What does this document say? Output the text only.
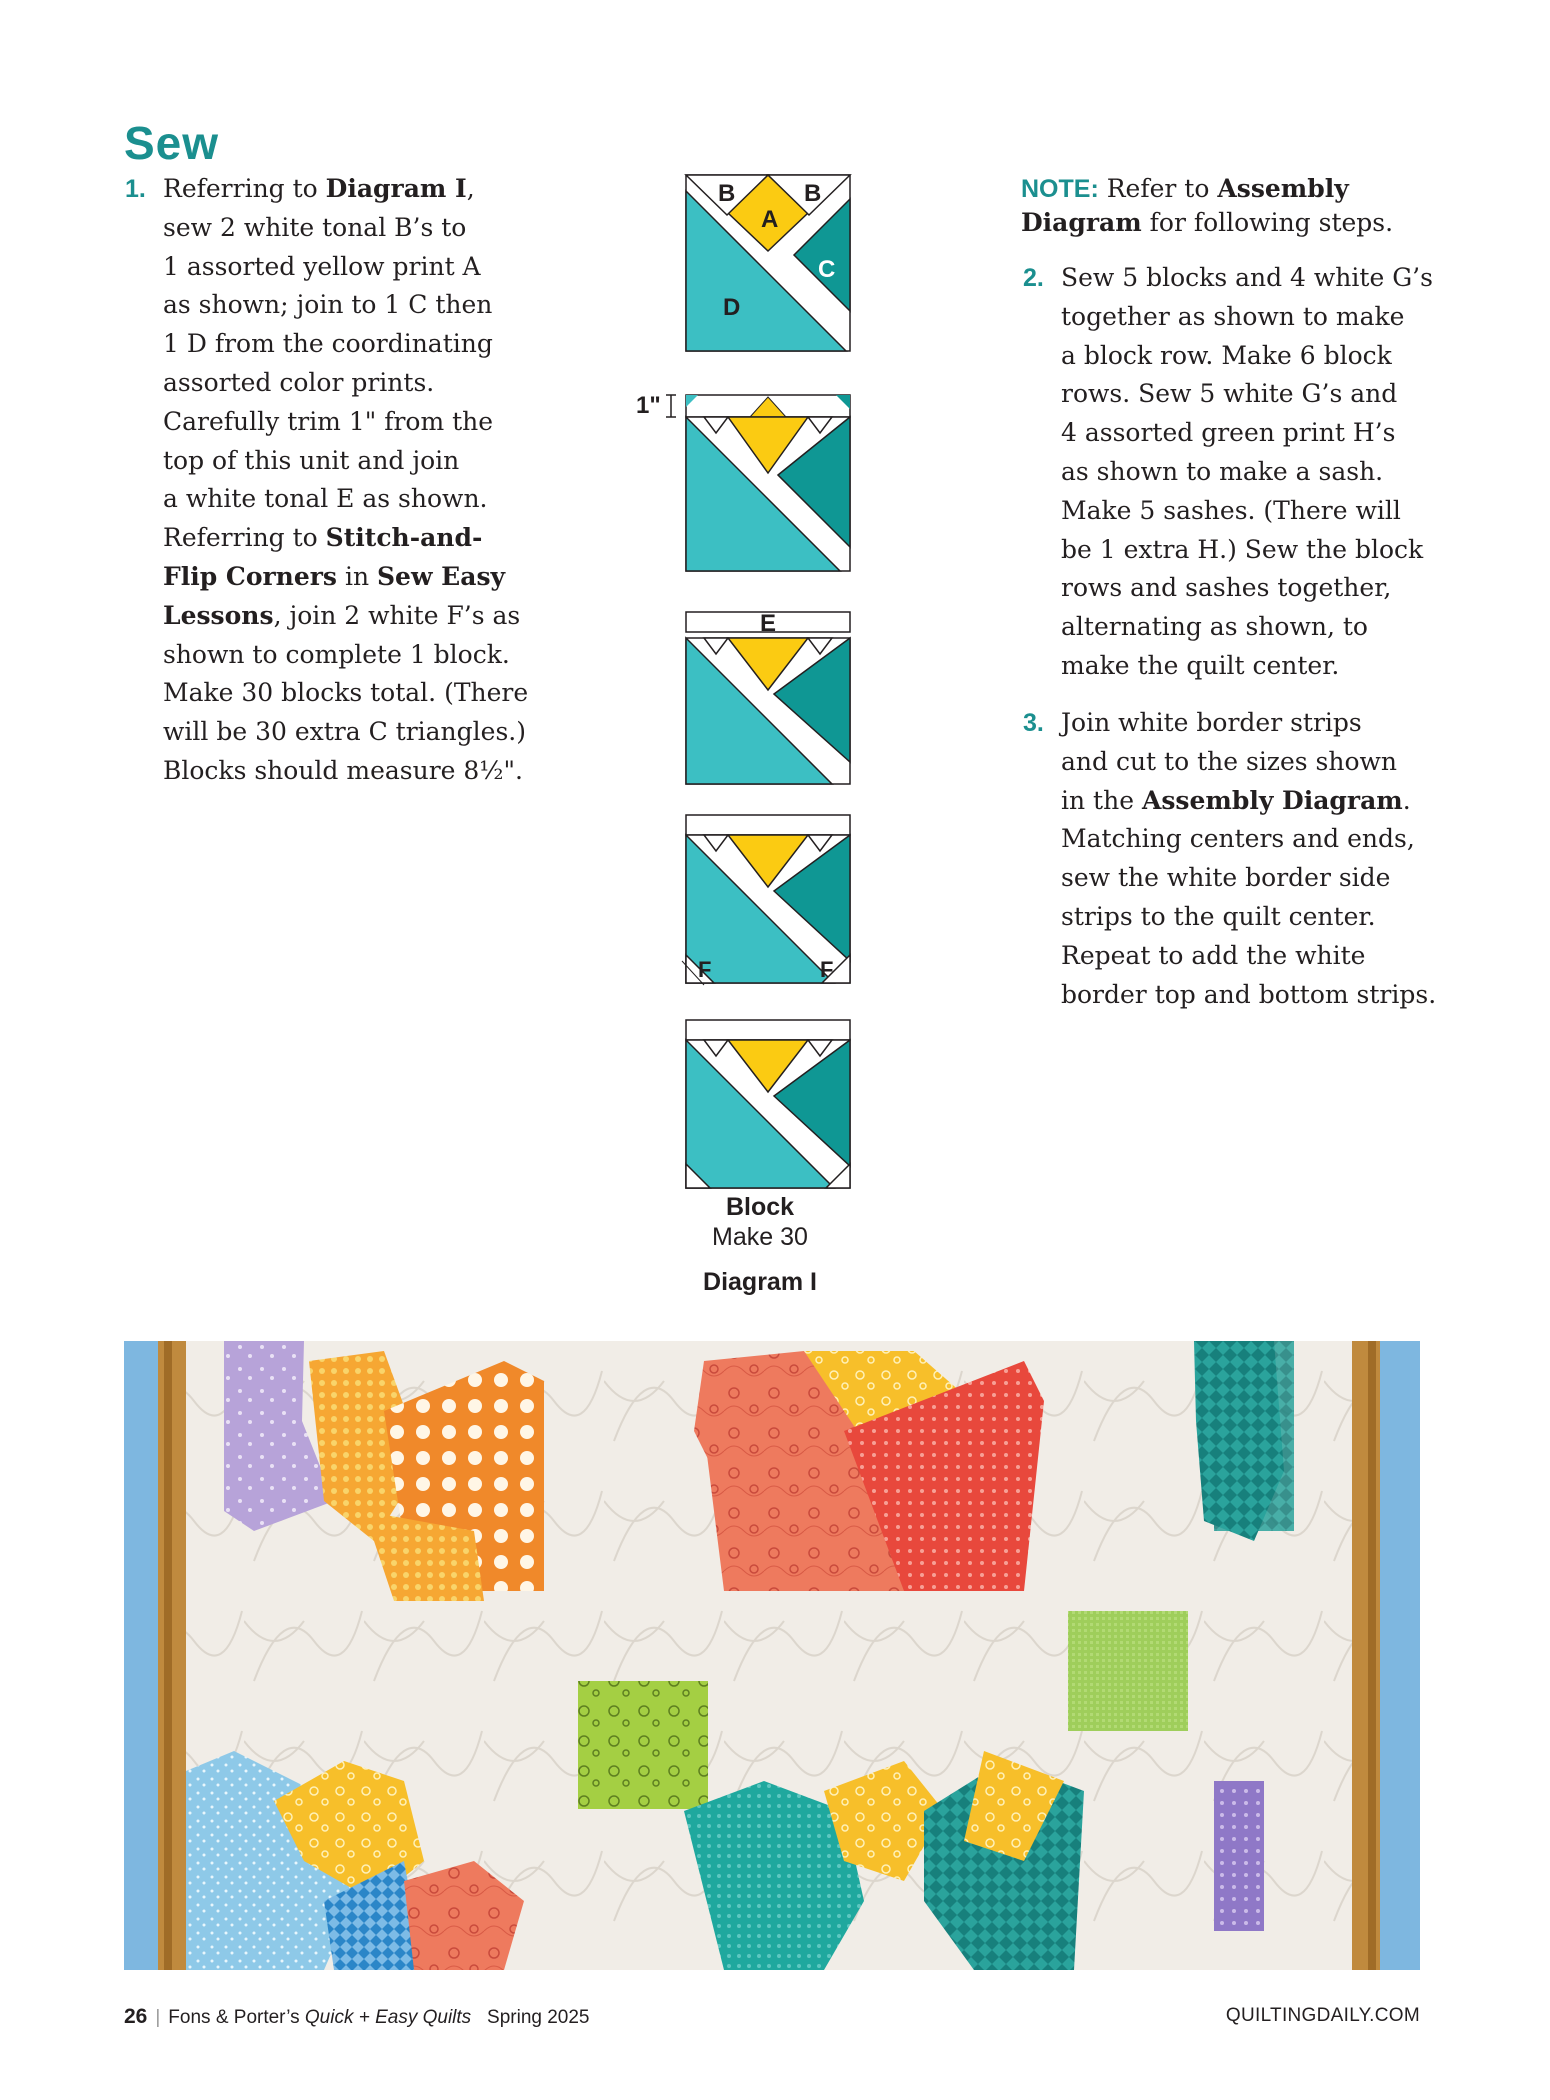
Sew
1. Referring to Diagram I,
sew 2 white tonal B’s to
1 assorted yellow print A
as shown; join to 1 C then
1 D from the coordinating
assorted color prints.
Carefully trim 1" from the
top of this unit and join
a white tonal E as shown.
Referring to Stitch-and-
Flip Corners in Sew Easy
Lessons, join 2 white F’s as
shown to complete 1 block.
Make 30 blocks total. (There
will be 30 extra C triangles.)
Blocks should measure 8½".
NOTE: Refer to Assembly Diagram for following steps.
2. Sew 5 blocks and 4 white G’s
together as shown to make
a block row. Make 6 block
rows. Sew 5 white G’s and
4 assorted green print H’s
as shown to make a sash.
Make 5 sashes. (There will
be 1 extra H.) Sew the block
rows and sashes together,
alternating as shown, to
make the quilt center.
3. Join white border strips
and cut to the sizes shown
in the Assembly Diagram.
Matching centers and ends,
sew the white border side
strips to the quilt center.
Repeat to add the white
border top and bottom strips.
B	B
A
C
D
1"
E
F	F
Block
Make 30
Diagram I
26 | Fons & Porter’s Quick + Easy Quilts Spring 2025	QUILTINGDAILY.COM
